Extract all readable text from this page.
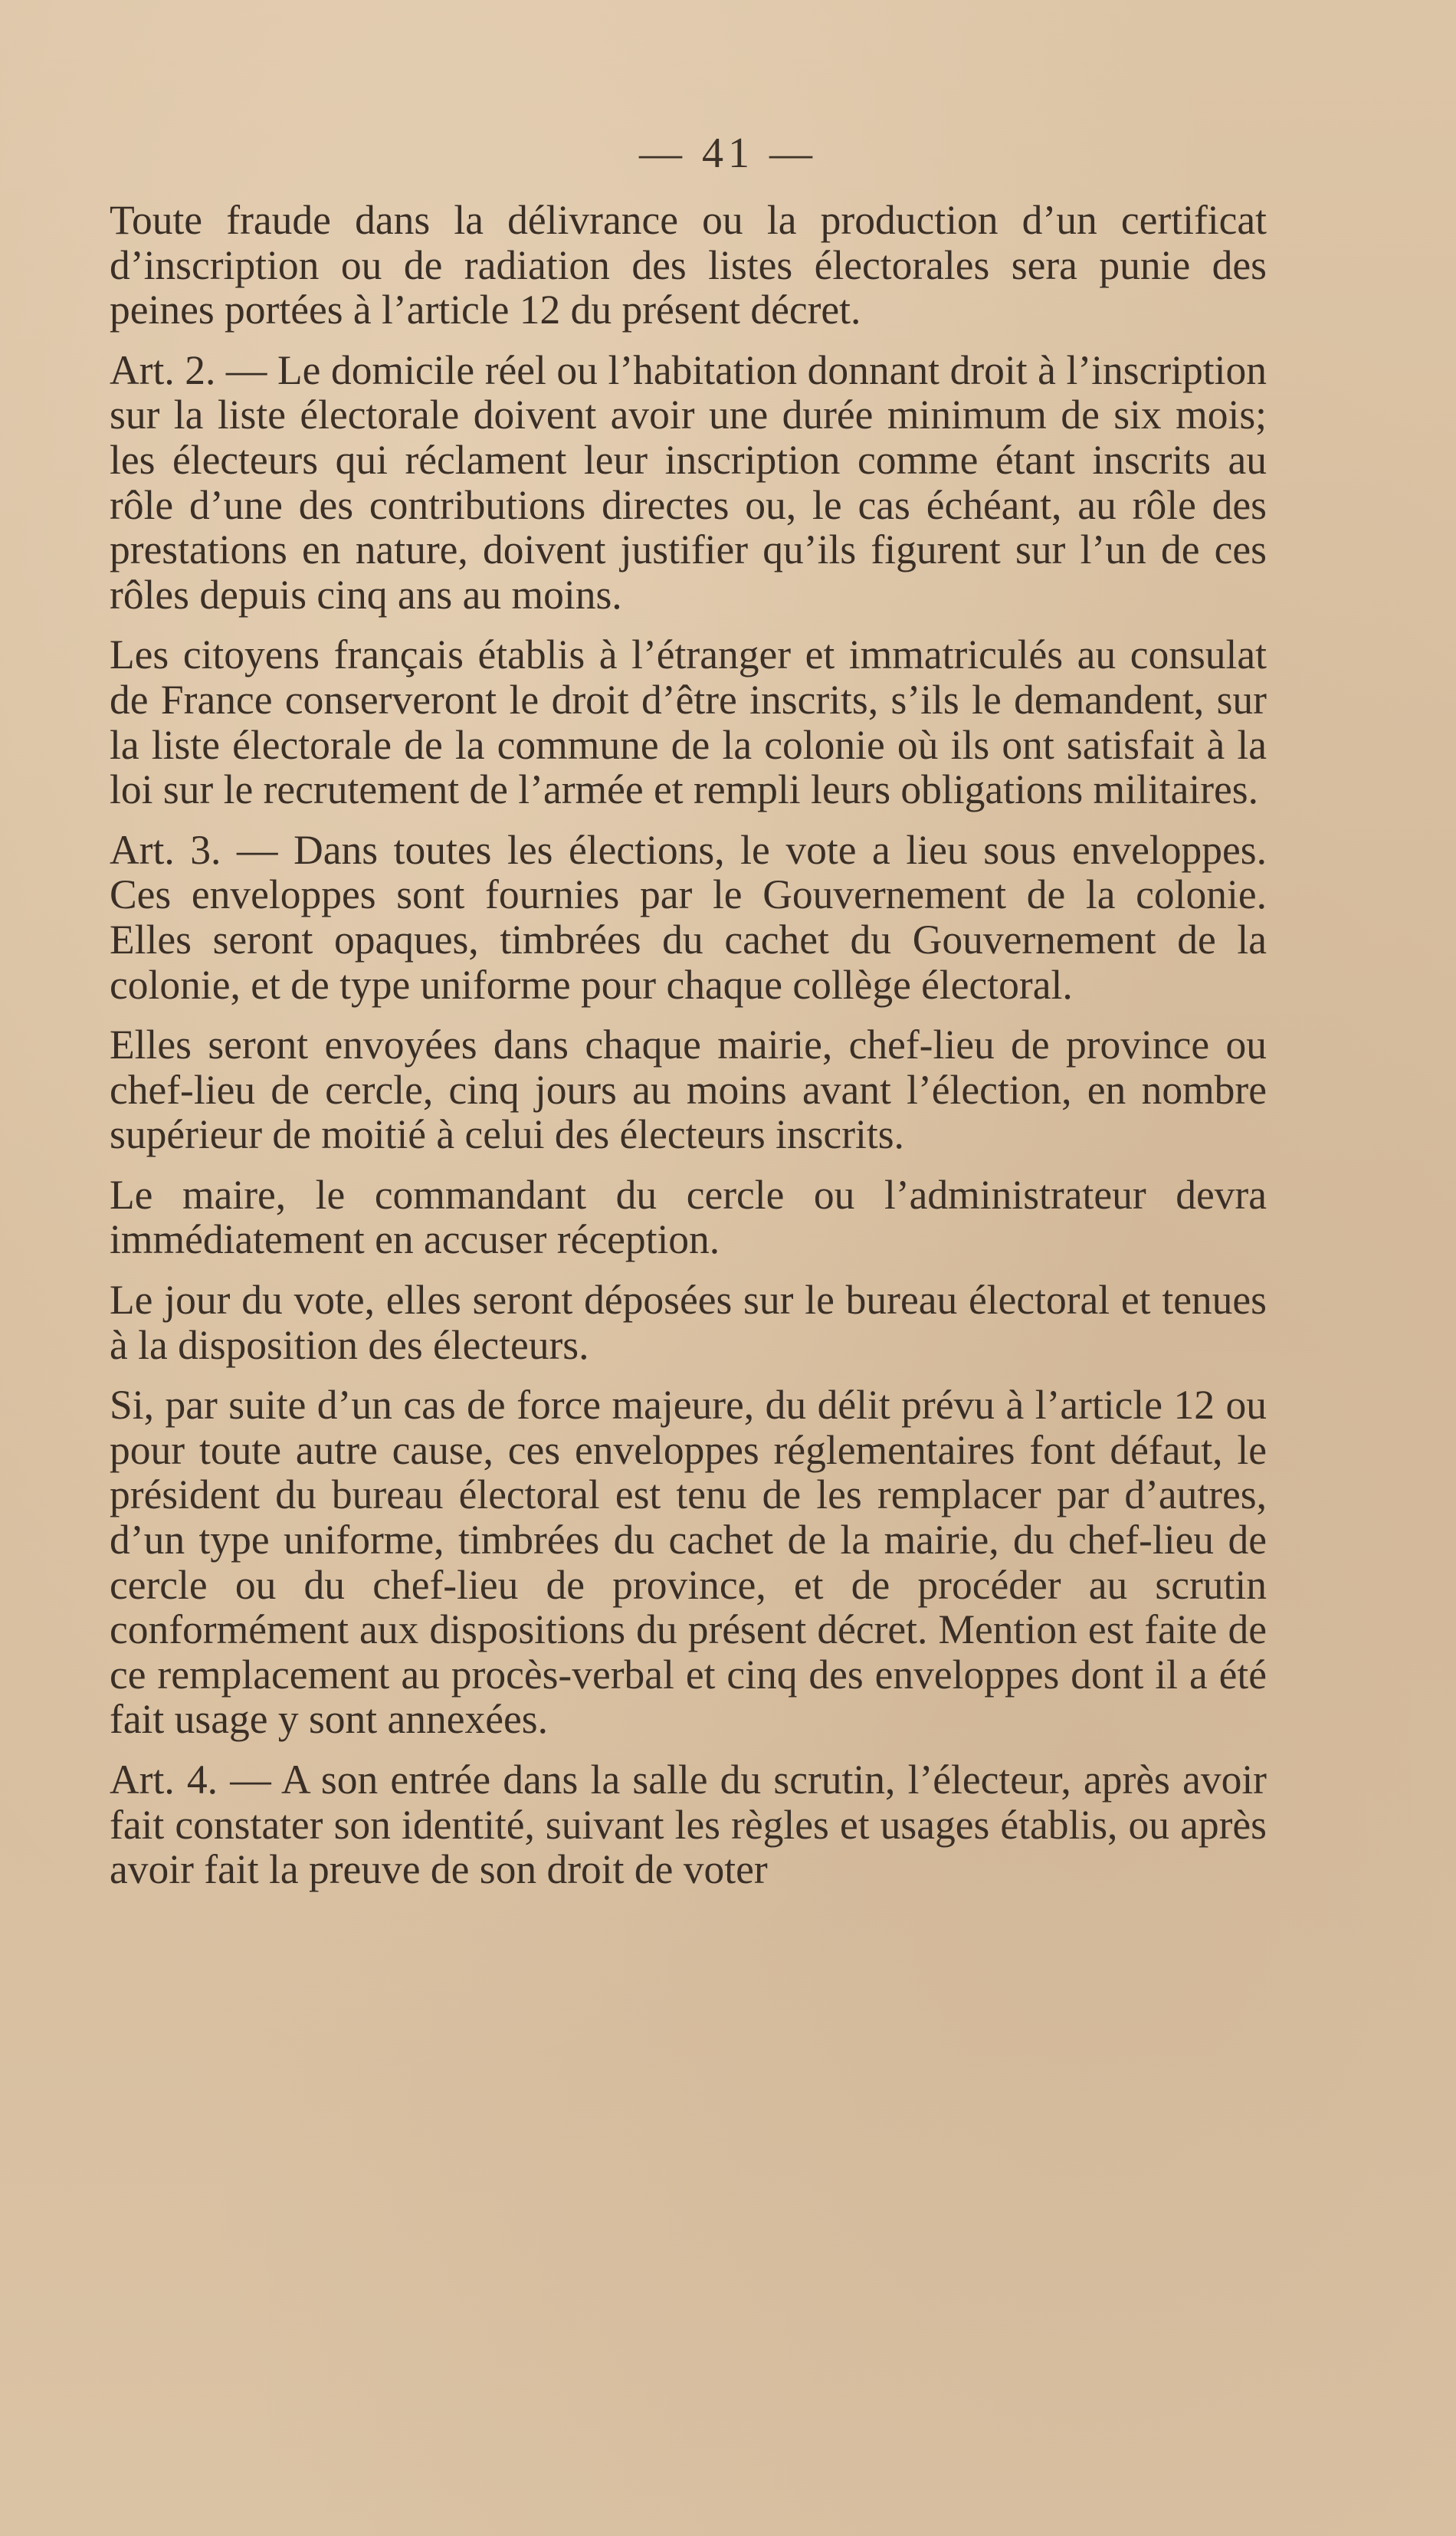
— 41 —

Toute fraude dans la délivrance ou la production d’un certificat d’inscription ou de radiation des listes électorales sera punie des peines portées à l’article 12 du présent décret.

Art. 2. — Le domicile réel ou l’habitation donnant droit à l’inscription sur la liste électorale doivent avoir une durée minimum de six mois; les électeurs qui réclament leur inscription comme étant inscrits au rôle d’une des contributions directes ou, le cas échéant, au rôle des prestations en nature, doivent justifier qu’ils figurent sur l’un de ces rôles depuis cinq ans au moins.

Les citoyens français établis à l’étranger et immatriculés au consulat de France conserveront le droit d’être inscrits, s’ils le demandent, sur la liste électorale de la commune de la colonie où ils ont satisfait à la loi sur le recrutement de l’armée et rempli leurs obligations militaires.

Art. 3. — Dans toutes les élections, le vote a lieu sous enveloppes. Ces enveloppes sont fournies par le Gouvernement de la colonie. Elles seront opaques, timbrées du cachet du Gouvernement de la colonie, et de type uniforme pour chaque collège électoral.

Elles seront envoyées dans chaque mairie, chef-lieu de province ou chef-lieu de cercle, cinq jours au moins avant l’élection, en nombre supérieur de moitié à celui des électeurs inscrits.

Le maire, le commandant du cercle ou l’administrateur devra immédiatement en accuser réception.

Le jour du vote, elles seront déposées sur le bureau électoral et tenues à la disposition des électeurs.

Si, par suite d’un cas de force majeure, du délit prévu à l’article 12 ou pour toute autre cause, ces enveloppes réglementaires font défaut, le président du bureau électoral est tenu de les remplacer par d’autres, d’un type uniforme, timbrées du cachet de la mairie, du chef-lieu de cercle ou du chef-lieu de province, et de procéder au scrutin conformément aux dispositions du présent décret. Mention est faite de ce remplacement au procès-verbal et cinq des enveloppes dont il a été fait usage y sont annexées.

Art. 4. — A son entrée dans la salle du scrutin, l’électeur, après avoir fait constater son identité, suivant les règles et usages établis, ou après avoir fait la preuve de son droit de voter
